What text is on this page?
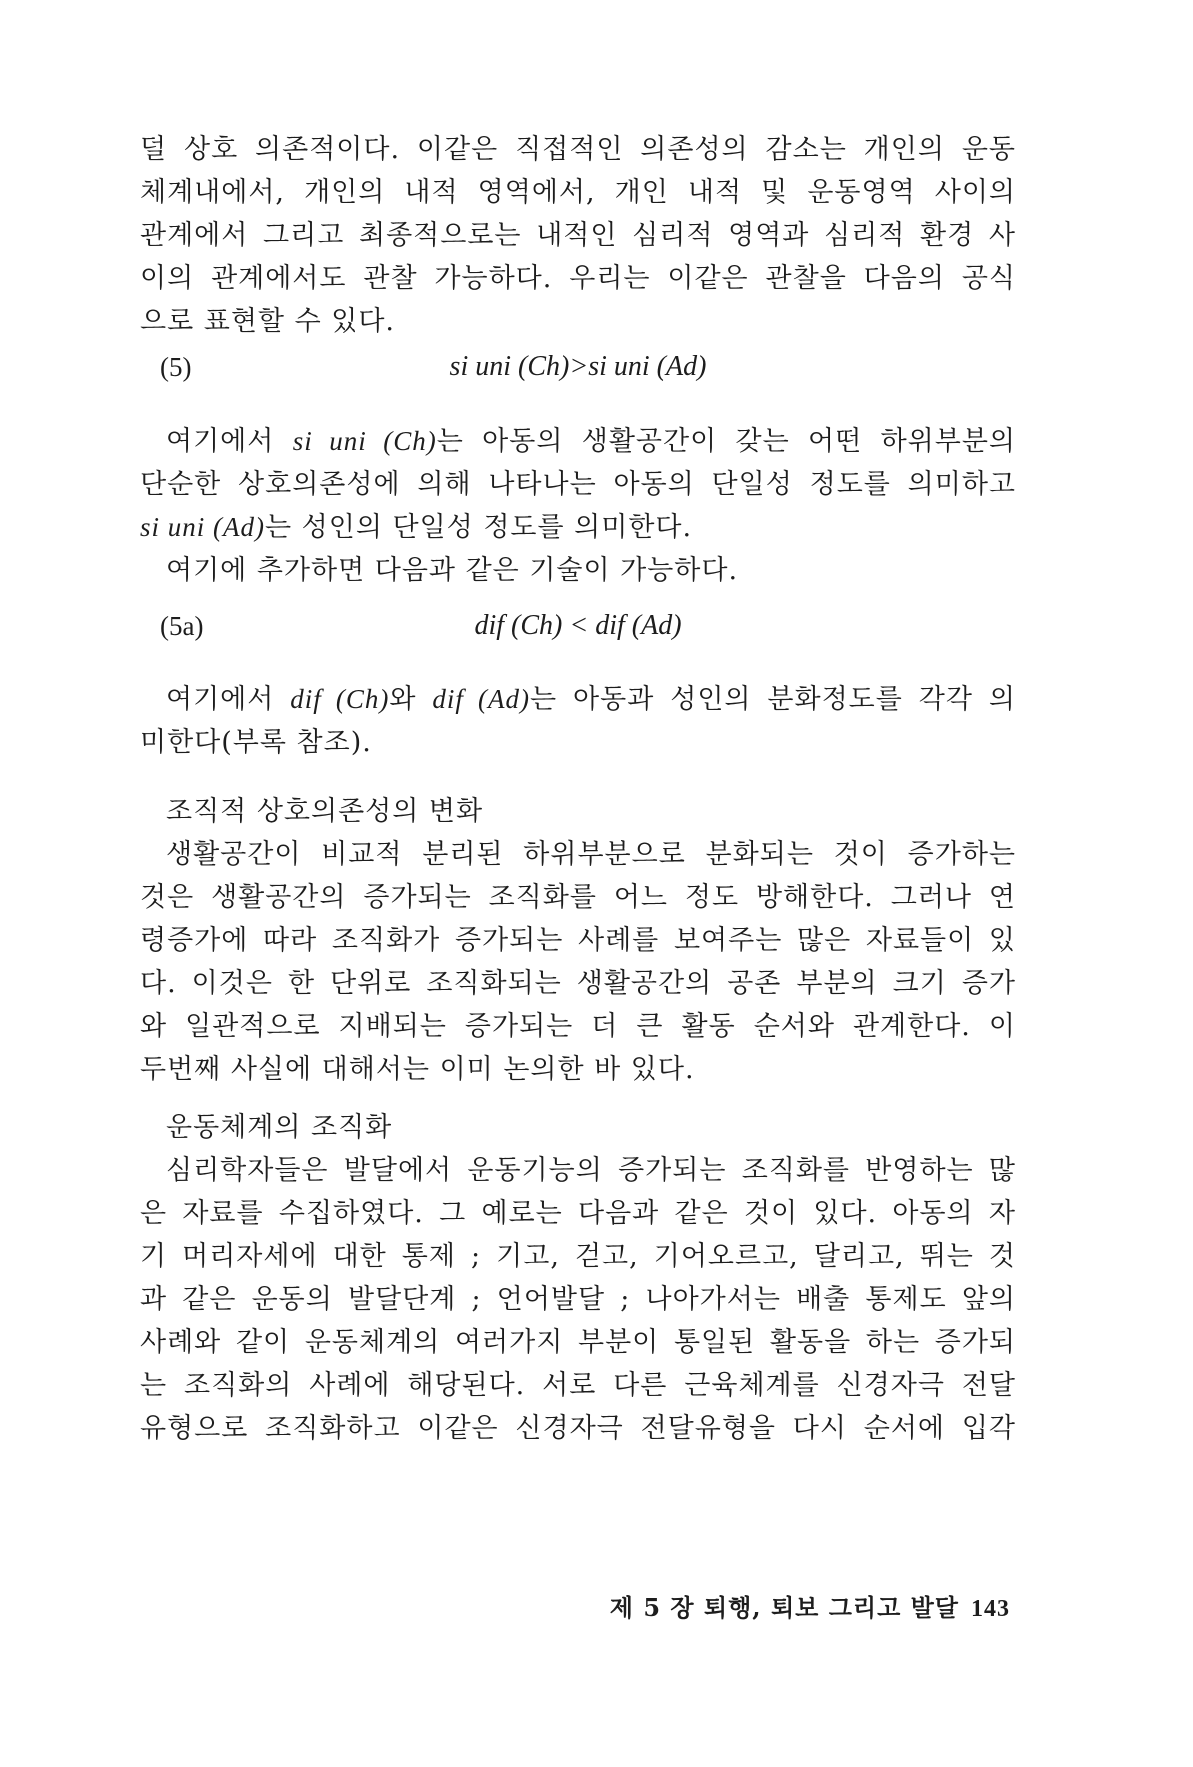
덜 상호 의존적이다. 이같은 직접적인 의존성의 감소는 개인의 운동
체계내에서, 개인의 내적 영역에서, 개인 내적 및 운동영역 사이의
관계에서 그리고 최종적으로는 내적인 심리적 영역과 심리적 환경 사
이의 관계에서도 관찰 가능하다. 우리는 이같은 관찰을 다음의 공식
으로 표현할 수 있다.
(5)	si uni (Ch)>si uni (Ad)
여기에서 si uni (Ch)는 아동의 생활공간이 갖는 어떤 하위부분의
단순한 상호의존성에 의해 나타나는 아동의 단일성 정도를 의미하고
si uni (Ad)는 성인의 단일성 정도를 의미한다.
여기에 추가하면 다음과 같은 기술이 가능하다.
(5a)	dif (Ch) < dif (Ad)
여기에서 dif (Ch)와 dif (Ad)는 아동과 성인의 분화정도를 각각 의
미한다(부록 참조).
조직적 상호의존성의 변화
생활공간이 비교적 분리된 하위부분으로 분화되는 것이 증가하는
것은 생활공간의 증가되는 조직화를 어느 정도 방해한다. 그러나 연
령증가에 따라 조직화가 증가되는 사례를 보여주는 많은 자료들이 있
다. 이것은 한 단위로 조직화되는 생활공간의 공존 부분의 크기 증가
와 일관적으로 지배되는 증가되는 더 큰 활동 순서와 관계한다. 이
두번째 사실에 대해서는 이미 논의한 바 있다.
운동체계의 조직화
심리학자들은 발달에서 운동기능의 증가되는 조직화를 반영하는 많
은 자료를 수집하였다. 그 예로는 다음과 같은 것이 있다. 아동의 자
기 머리자세에 대한 통제 ; 기고, 걷고, 기어오르고, 달리고, 뛰는 것
과 같은 운동의 발달단계 ; 언어발달 ; 나아가서는 배출 통제도 앞의
사례와 같이 운동체계의 여러가지 부분이 통일된 활동을 하는 증가되
는 조직화의 사례에 해당된다. 서로 다른 근육체계를 신경자극 전달
유형으로 조직화하고 이같은 신경자극 전달유형을 다시 순서에 입각
제 5 장 퇴행, 퇴보 그리고 발달 143
